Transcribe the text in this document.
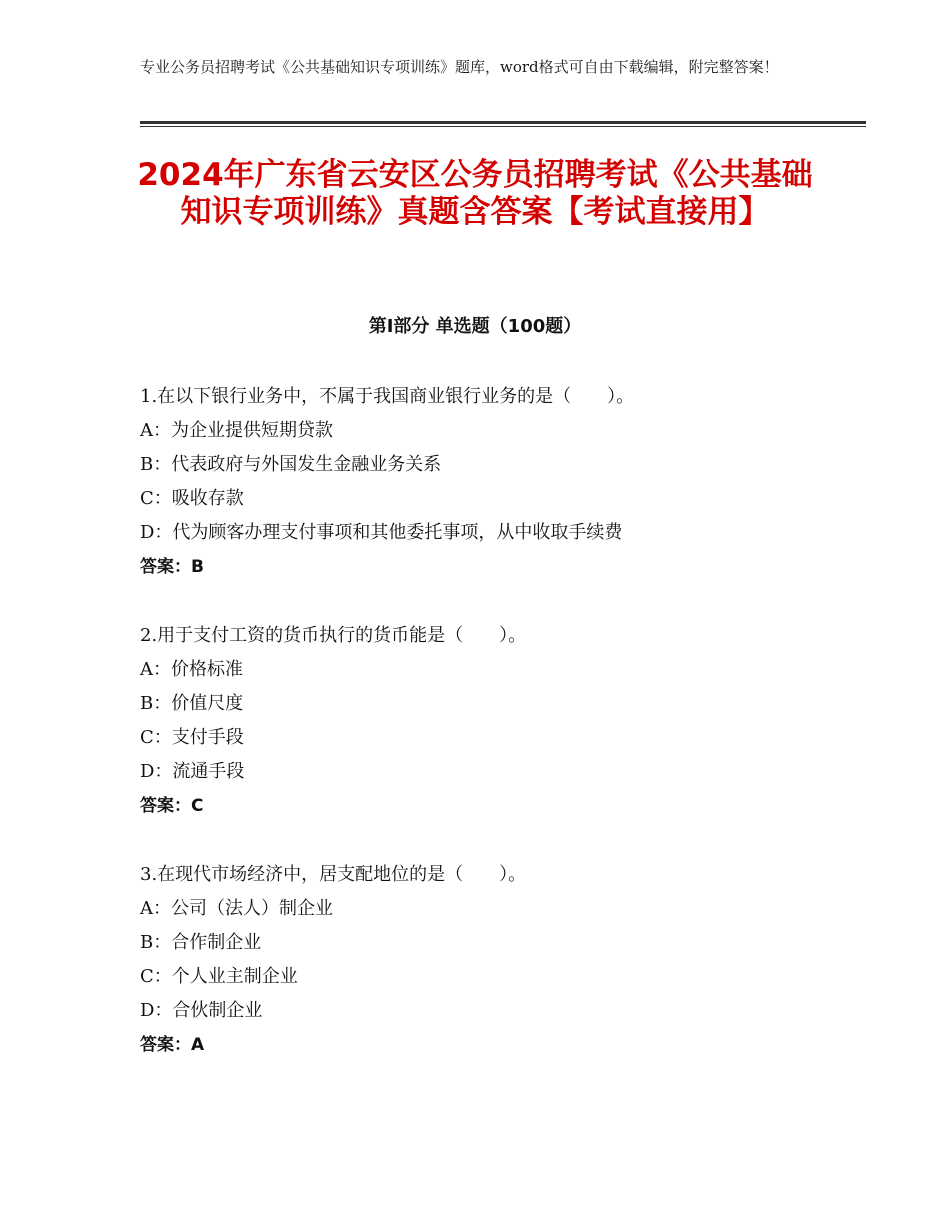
专业公务员招聘考试《公共基础知识专项训练》题库，word格式可自由下载编辑，附完整答案！
2024年广东省云安区公务员招聘考试《公共基础知识专项训练》真题含答案【考试直接用】
第Ⅰ部分 单选题（100题）
1.在以下银行业务中，不属于我国商业银行业务的是（　　）。
A：为企业提供短期贷款
B：代表政府与外国发生金融业务关系
C：吸收存款
D：代为顾客办理支付事项和其他委托事项，从中收取手续费
答案：B
2.用于支付工资的货币执行的货币能是（　　）。
A：价格标准
B：价值尺度
C：支付手段
D：流通手段
答案：C
3.在现代市场经济中，居支配地位的是（　　）。
A：公司（法人）制企业
B：合作制企业
C：个人业主制企业
D：合伙制企业
答案：A
